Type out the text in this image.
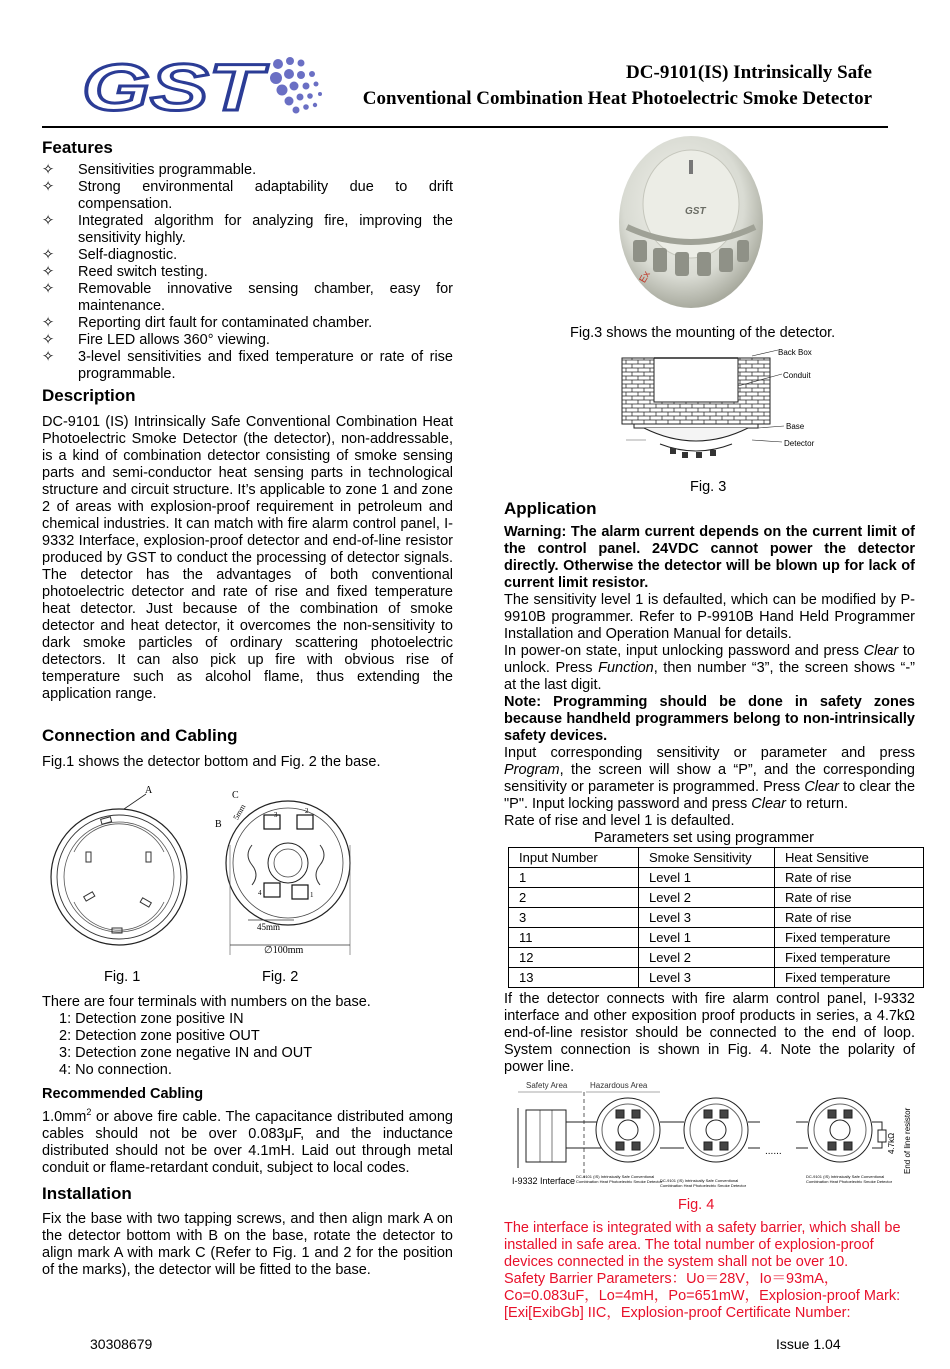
GST	DC-9101(IS) Intrinsically Safe
Conventional Combination Heat Photoelectric Smoke Detector
Features
✧ Sensitivities programmable.
✧ Strong environmental adaptability due to drift compensation.
✧ Integrated algorithm for analyzing fire, improving the sensitivity highly.
✧ Self-diagnostic.
✧ Reed switch testing.
✧ Removable innovative sensing chamber, easy for maintenance.
✧ Reporting dirt fault for contaminated chamber.
✧ Fire LED allows 360° viewing.
✧ 3-level sensitivities and fixed temperature or rate of rise programmable.
Description

DC-9101 (IS) Intrinsically Safe Conventional Combination Heat Photoelectric Smoke Detector (the detector), non-addressable, is a kind of combination detector consisting of smoke sensing parts and semi-conductor heat sensing parts in technological structure and circuit structure. It’s applicable to zone 1 and zone 2 of areas with explosion-proof requirement in petroleum and chemical industries. It can match with fire alarm control panel, I-9332 Interface, explosion-proof detector and end-of-line resistor produced by GST to conduct the processing of detector signals. The detector has the advantages of both conventional photoelectric detector and rate of rise and fixed temperature heat detector. Just because of the combination of smoke detector and heat detector, it overcomes the non-sensitivity to dark smoke particles of ordinary scattering photoelectric detectors. It can also pick up fire with obvious rise of temperature such as alcohol flame, thus extending the application range.

Connection and Cabling

Fig.1 shows the detector bottom and Fig. 2 the base.

A	C
B
5mm
45mm
∅100mm
3	2
4	1
Fig. 1	Fig. 2

There are four terminals with numbers on the base.

1: Detection zone positive IN
2: Detection zone positive OUT
3: Detection zone negative IN and OUT
4: No connection.
Recommended Cabling

$1.0mm^2$ or above fire cable. The capacitance distributed among cables should not be over 0.083μF, and the inductance distributed should not be over 4.1mH. Laid out through metal conduit or flame-retardant conduit, subject to local codes.

Installation

Fix the base with two tapping screws, and then align mark A on the detector bottom with B on the base, rotate the detector to align mark A with mark C (Refer to Fig. 1 and 2 for the position of the marks), the detector will be fitted to the base.

GST
Ex
Fig.3 shows the mounting of the detector.
Back Box
Conduit
Base
Detector
Fig. 3
Application

Warning: The alarm current depends on the current limit of the control panel. 24VDC cannot power the detector directly. Otherwise the detector will be blown up for lack of current limit resistor.

The sensitivity level 1 is defaulted, which can be modified by P-9910B programmer. Refer to P-9910B Hand Held Programmer Installation and Operation Manual for details.

In power-on state, input unlocking password and press Clear to unlock. Press Function, then number “3”, the screen shows “-” at the last digit.

Note: Programming should be done in safety zones because handheld programmers belong to non-intrinsically safety devices.

Input corresponding sensitivity or parameter and press Program, the screen will show a “P”, and the corresponding sensitivity or parameter is programmed. Press Clear to clear the "P". Input locking password and press Clear to return.

Rate of rise and level 1 is defaulted.

Parameters set using programmer
Input Number	Smoke Sensitivity	Heat Sensitive
1	Level 1	Rate of rise
2	Level 2	Rate of rise
3	Level 3	Rate of rise
11	Level 1	Fixed temperature
12	Level 2	Fixed temperature
13	Level 3	Fixed temperature
If the detector connects with fire alarm control panel, I-9332 interface and other exposition proof products in series, a 4.7kΩ end-of-line resistor should be connected to the end of loop. System connection is shown in Fig. 4. Note the polarity of power line.
Safety Area	Hazardous Area
......	4.7kΩ End of line resistor
I-9332 Interface DC-9101 (IS) Intrinsically Safe Conventional
Combination Heat Photoelectric Smoke Detector
DC-9101 (IS) Intrinsically Safe Conventional
Combination Heat Photoelectric Smoke Detector
DC-9101 (IS) Intrinsically Safe Conventional
Combination Heat Photoelectric Smoke Detector
Fig. 4

The interface is integrated with a safety barrier, which shall be installed in safe area. The total number of explosion-proof devices connected in the system shall not be over 10.

Safety Barrier Parameters：Uo＝28V，Io＝93mA，Co=0.083uF，Lo=4mH，Po=651mW，Explosion-proof Mark: [Exi[ExibGb] IIC，Explosion-proof Certificate Number:

30308679	Issue 1.04
